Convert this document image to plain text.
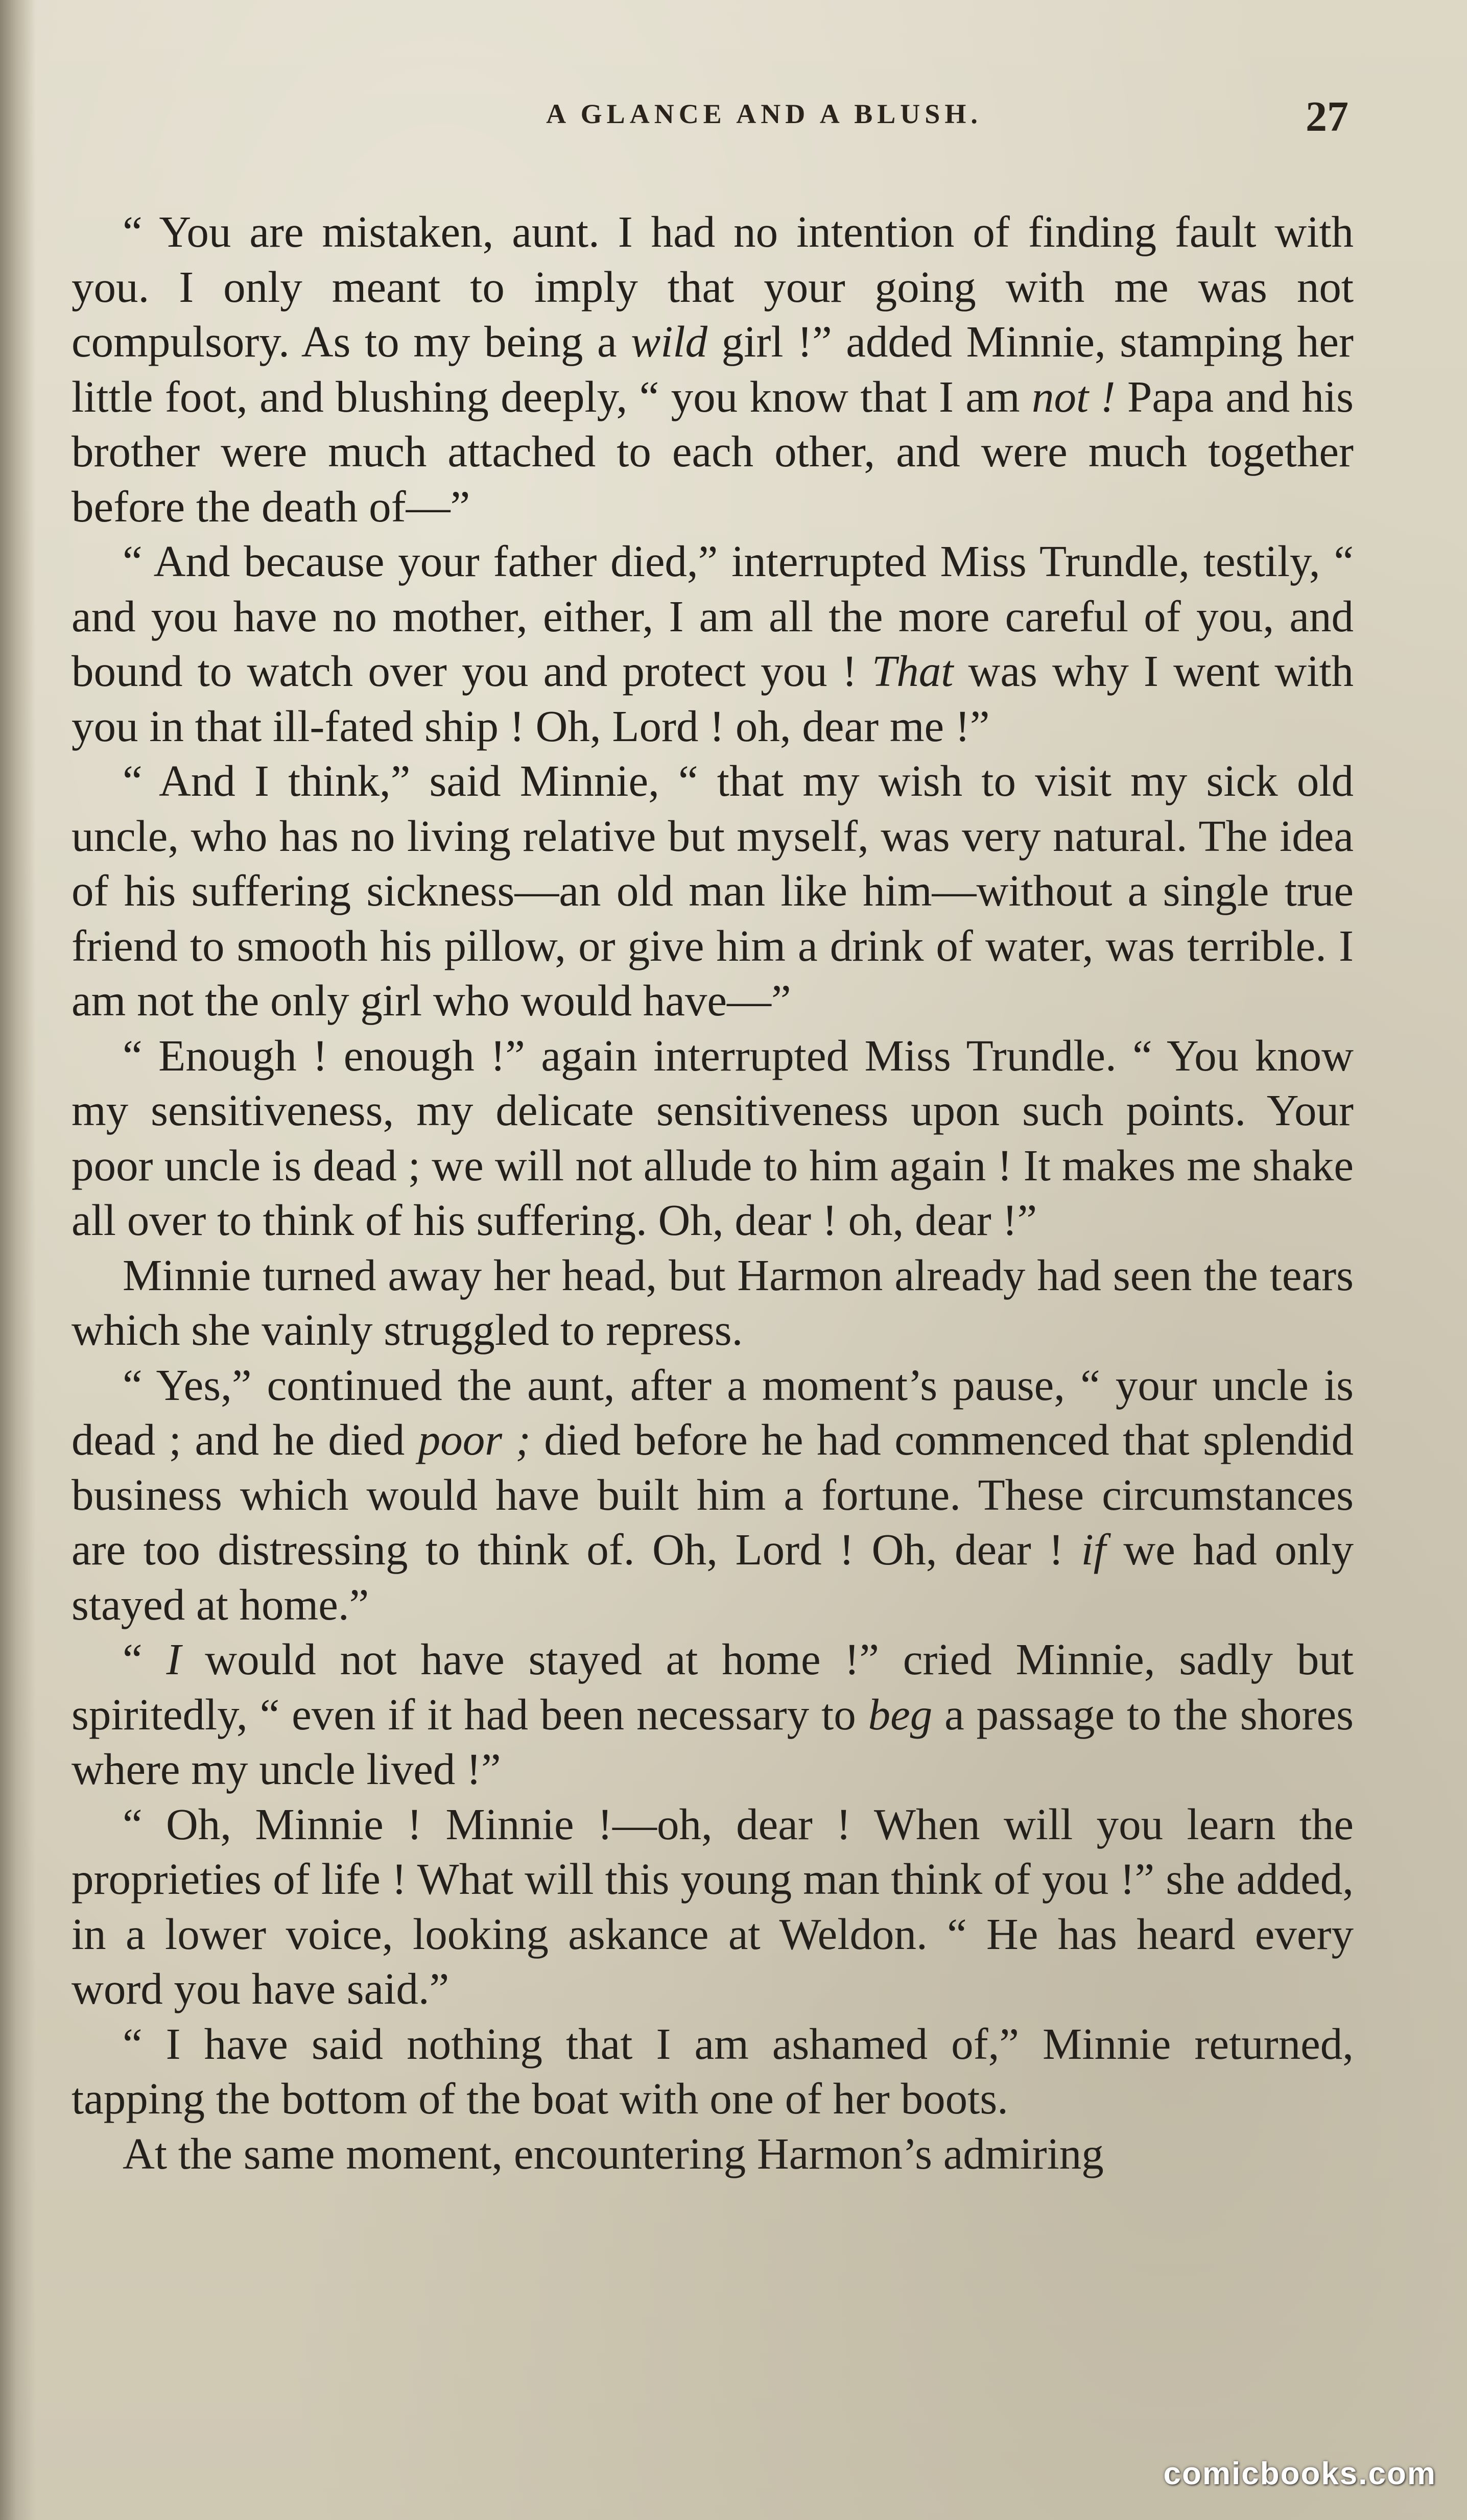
A GLANCE AND A BLUSH.	27

“ You are mistaken, aunt. I had no intention of finding fault with you. I only meant to imply that your going with me was not compulsory. As to my being a wild girl !” added Minnie, stamping her little foot, and blushing deeply, “ you know that I am not ! Papa and his brother were much attached to each other, and were much together before the death of—”

“ And because your father died,” interrupted Miss Trundle, testily, “ and you have no mother, either, I am all the more careful of you, and bound to watch over you and protect you ! That was why I went with you in that ill-fated ship ! Oh, Lord ! oh, dear me !”

“ And I think,” said Minnie, “ that my wish to visit my sick old uncle, who has no living relative but myself, was very natural. The idea of his suffering sickness—an old man like him—without a single true friend to smooth his pillow, or give him a drink of water, was terrible. I am not the only girl who would have—”

“ Enough ! enough !” again interrupted Miss Trundle. “ You know my sensitiveness, my delicate sensitiveness upon such points. Your poor uncle is dead ; we will not allude to him again ! It makes me shake all over to think of his suffering. Oh, dear ! oh, dear !”

Minnie turned away her head, but Harmon already had seen the tears which she vainly struggled to repress.

“ Yes,” continued the aunt, after a moment’s pause, “ your uncle is dead ; and he died poor ; died before he had commenced that splendid business which would have built him a fortune. These circumstances are too distressing to think of. Oh, Lord ! Oh, dear ! if we had only stayed at home.”

“ I would not have stayed at home !” cried Minnie, sadly but spiritedly, “ even if it had been necessary to beg a passage to the shores where my uncle lived !”

“ Oh, Minnie ! Minnie !—oh, dear ! When will you learn the proprieties of life ! What will this young man think of you !” she added, in a lower voice, looking askance at Weldon. “ He has heard every word you have said.”

“ I have said nothing that I am ashamed of,” Minnie returned, tapping the bottom of the boat with one of her boots.

At the same moment, encountering Harmon’s admiring

comicbooks.com
